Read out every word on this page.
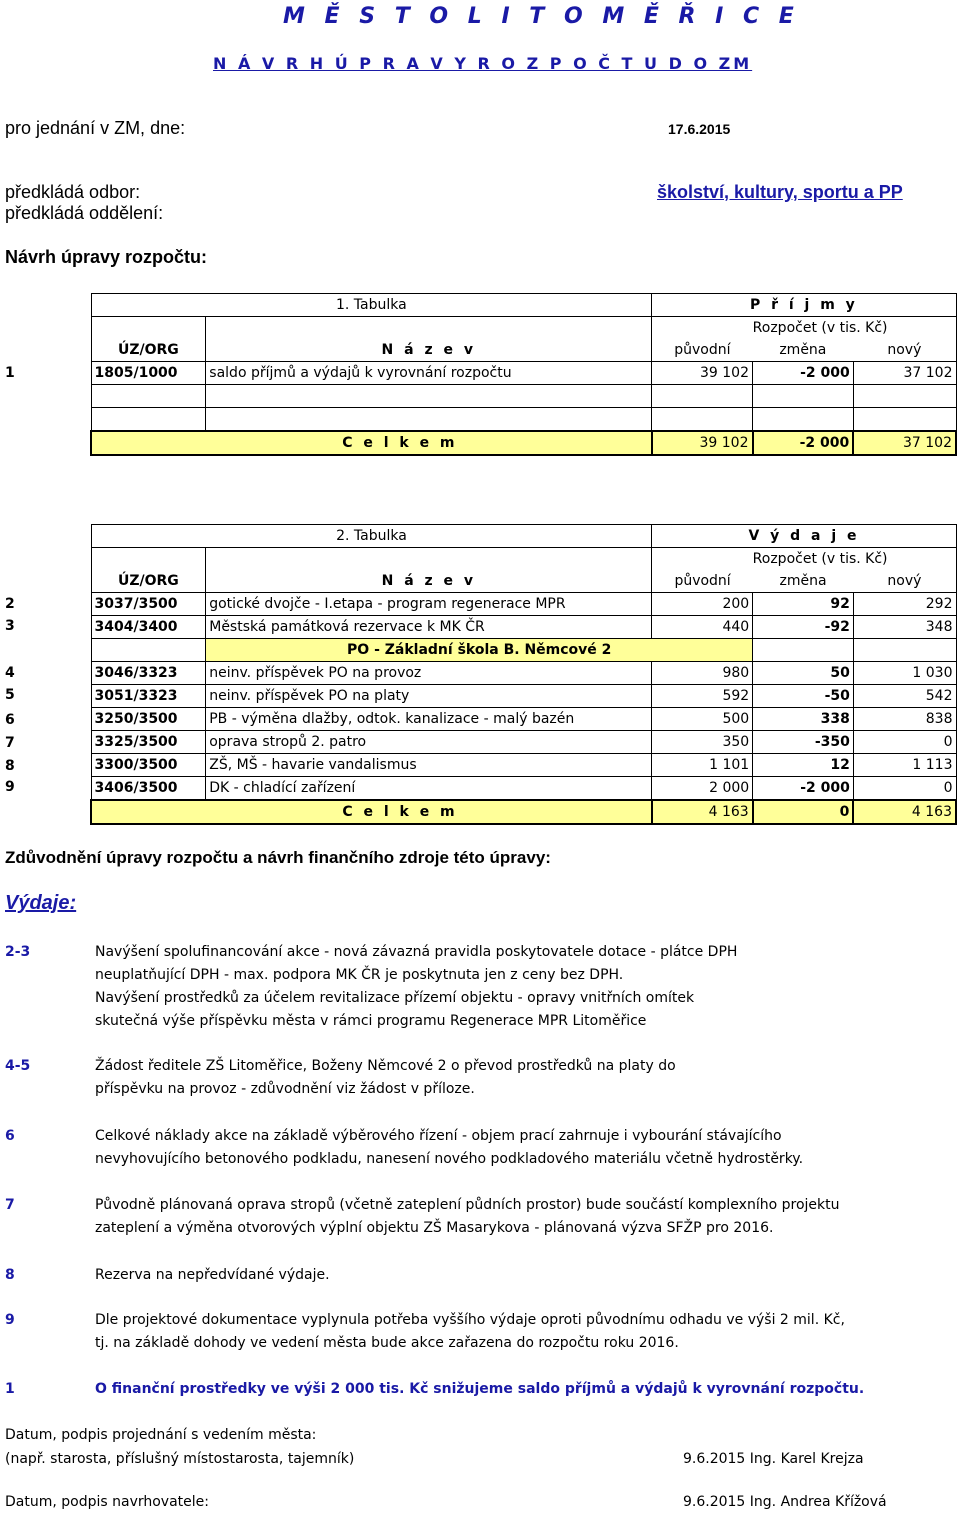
M Ě S T O L I T O M Ě Ř I C E
N Á V R H Ú P R A V Y R O Z P O Č T U D O ZM
pro jednání v ZM, dne:	17.6.2015
předkládá odbor:
předkládá oddělení:
školství, kultury, sportu a PP
Návrh úpravy rozpočtu:
1
1. Tabulka		P ř í j m y		
		Rozpočet (v tis. Kč)		
ÚZ/ORG	N á z e v	původní	změna	nový
1805/1000	saldo příjmů a výdajů k vyrovnání rozpočtu	39 102	-2 000	37 102

C e l k e m		39 102	-2 000	37 102
2
3
4
5
6
7
8
9
2. Tabulka		V ý d a j e		
		Rozpočet (v tis. Kč)		
ÚZ/ORG	N á z e v	původní	změna	nový
3037/3500	gotické dvojče - I.etapa - program regenerace MPR	200	92	292
3404/3400	Městská památková rezervace k MK ČR	440	-92	348
	PO - Základní škola B. Němcové 2			
3046/3323	neinv. příspěvek PO na provoz	980	50	1 030
3051/3323	neinv. příspěvek PO na platy	592	-50	542
3250/3500	PB - výměna dlažby, odtok. kanalizace - malý bazén	500	338	838
3325/3500	oprava stropů 2. patro	350	-350	0
3300/3500	ZŠ, MŠ - havarie vandalismus	1 101	12	1 113
3406/3500	DK - chladící zařízení	2 000	-2 000	0
C e l k e m		4 163	0	4 163
Zdůvodnění úpravy rozpočtu a návrh finančního zdroje této úpravy:
Výdaje:
2-3	Navýšení spolufinancování akce - nová závazná pravidla poskytovatele dotace - plátce DPH
neuplatňující DPH - max. podpora MK ČR je poskytnuta jen z ceny bez DPH.
Navýšení prostředků za účelem revitalizace přízemí objektu - opravy vnitřních omítek
skutečná výše příspěvku města v rámci programu Regenerace MPR Litoměřice
4-5	Žádost ředitele ZŠ Litoměřice, Boženy Němcové 2 o převod prostředků na platy do
příspěvku na provoz - zdůvodnění viz žádost v příloze.
6	Celkové náklady akce na základě výběrového řízení - objem prací zahrnuje i vybourání stávajícího
nevyhovujícího betonového podkladu, nanesení nového podkladového materiálu včetně hydrostěrky.
7	Původně plánovaná oprava stropů (včetně zateplení půdních prostor) bude součástí komplexního projektu
zateplení a výměna otvorových výplní objektu ZŠ Masarykova - plánovaná výzva SFŽP pro 2016.
8	Rezerva na nepředvídané výdaje.
9	Dle projektové dokumentace vyplynula potřeba vyššího výdaje oproti původnímu odhadu ve výši 2 mil. Kč,
tj. na základě dohody ve vedení města bude akce zařazena do rozpočtu roku 2016.
1	O finanční prostředky ve výši 2 000 tis. Kč snižujeme saldo příjmů a výdajů k vyrovnání rozpočtu.
Datum, podpis projednání s vedením města:
(např. starosta, příslušný místostarosta, tajemník)	9.6.2015 Ing. Karel Krejza
Datum, podpis navrhovatele:	9.6.2015 Ing. Andrea Křížová
